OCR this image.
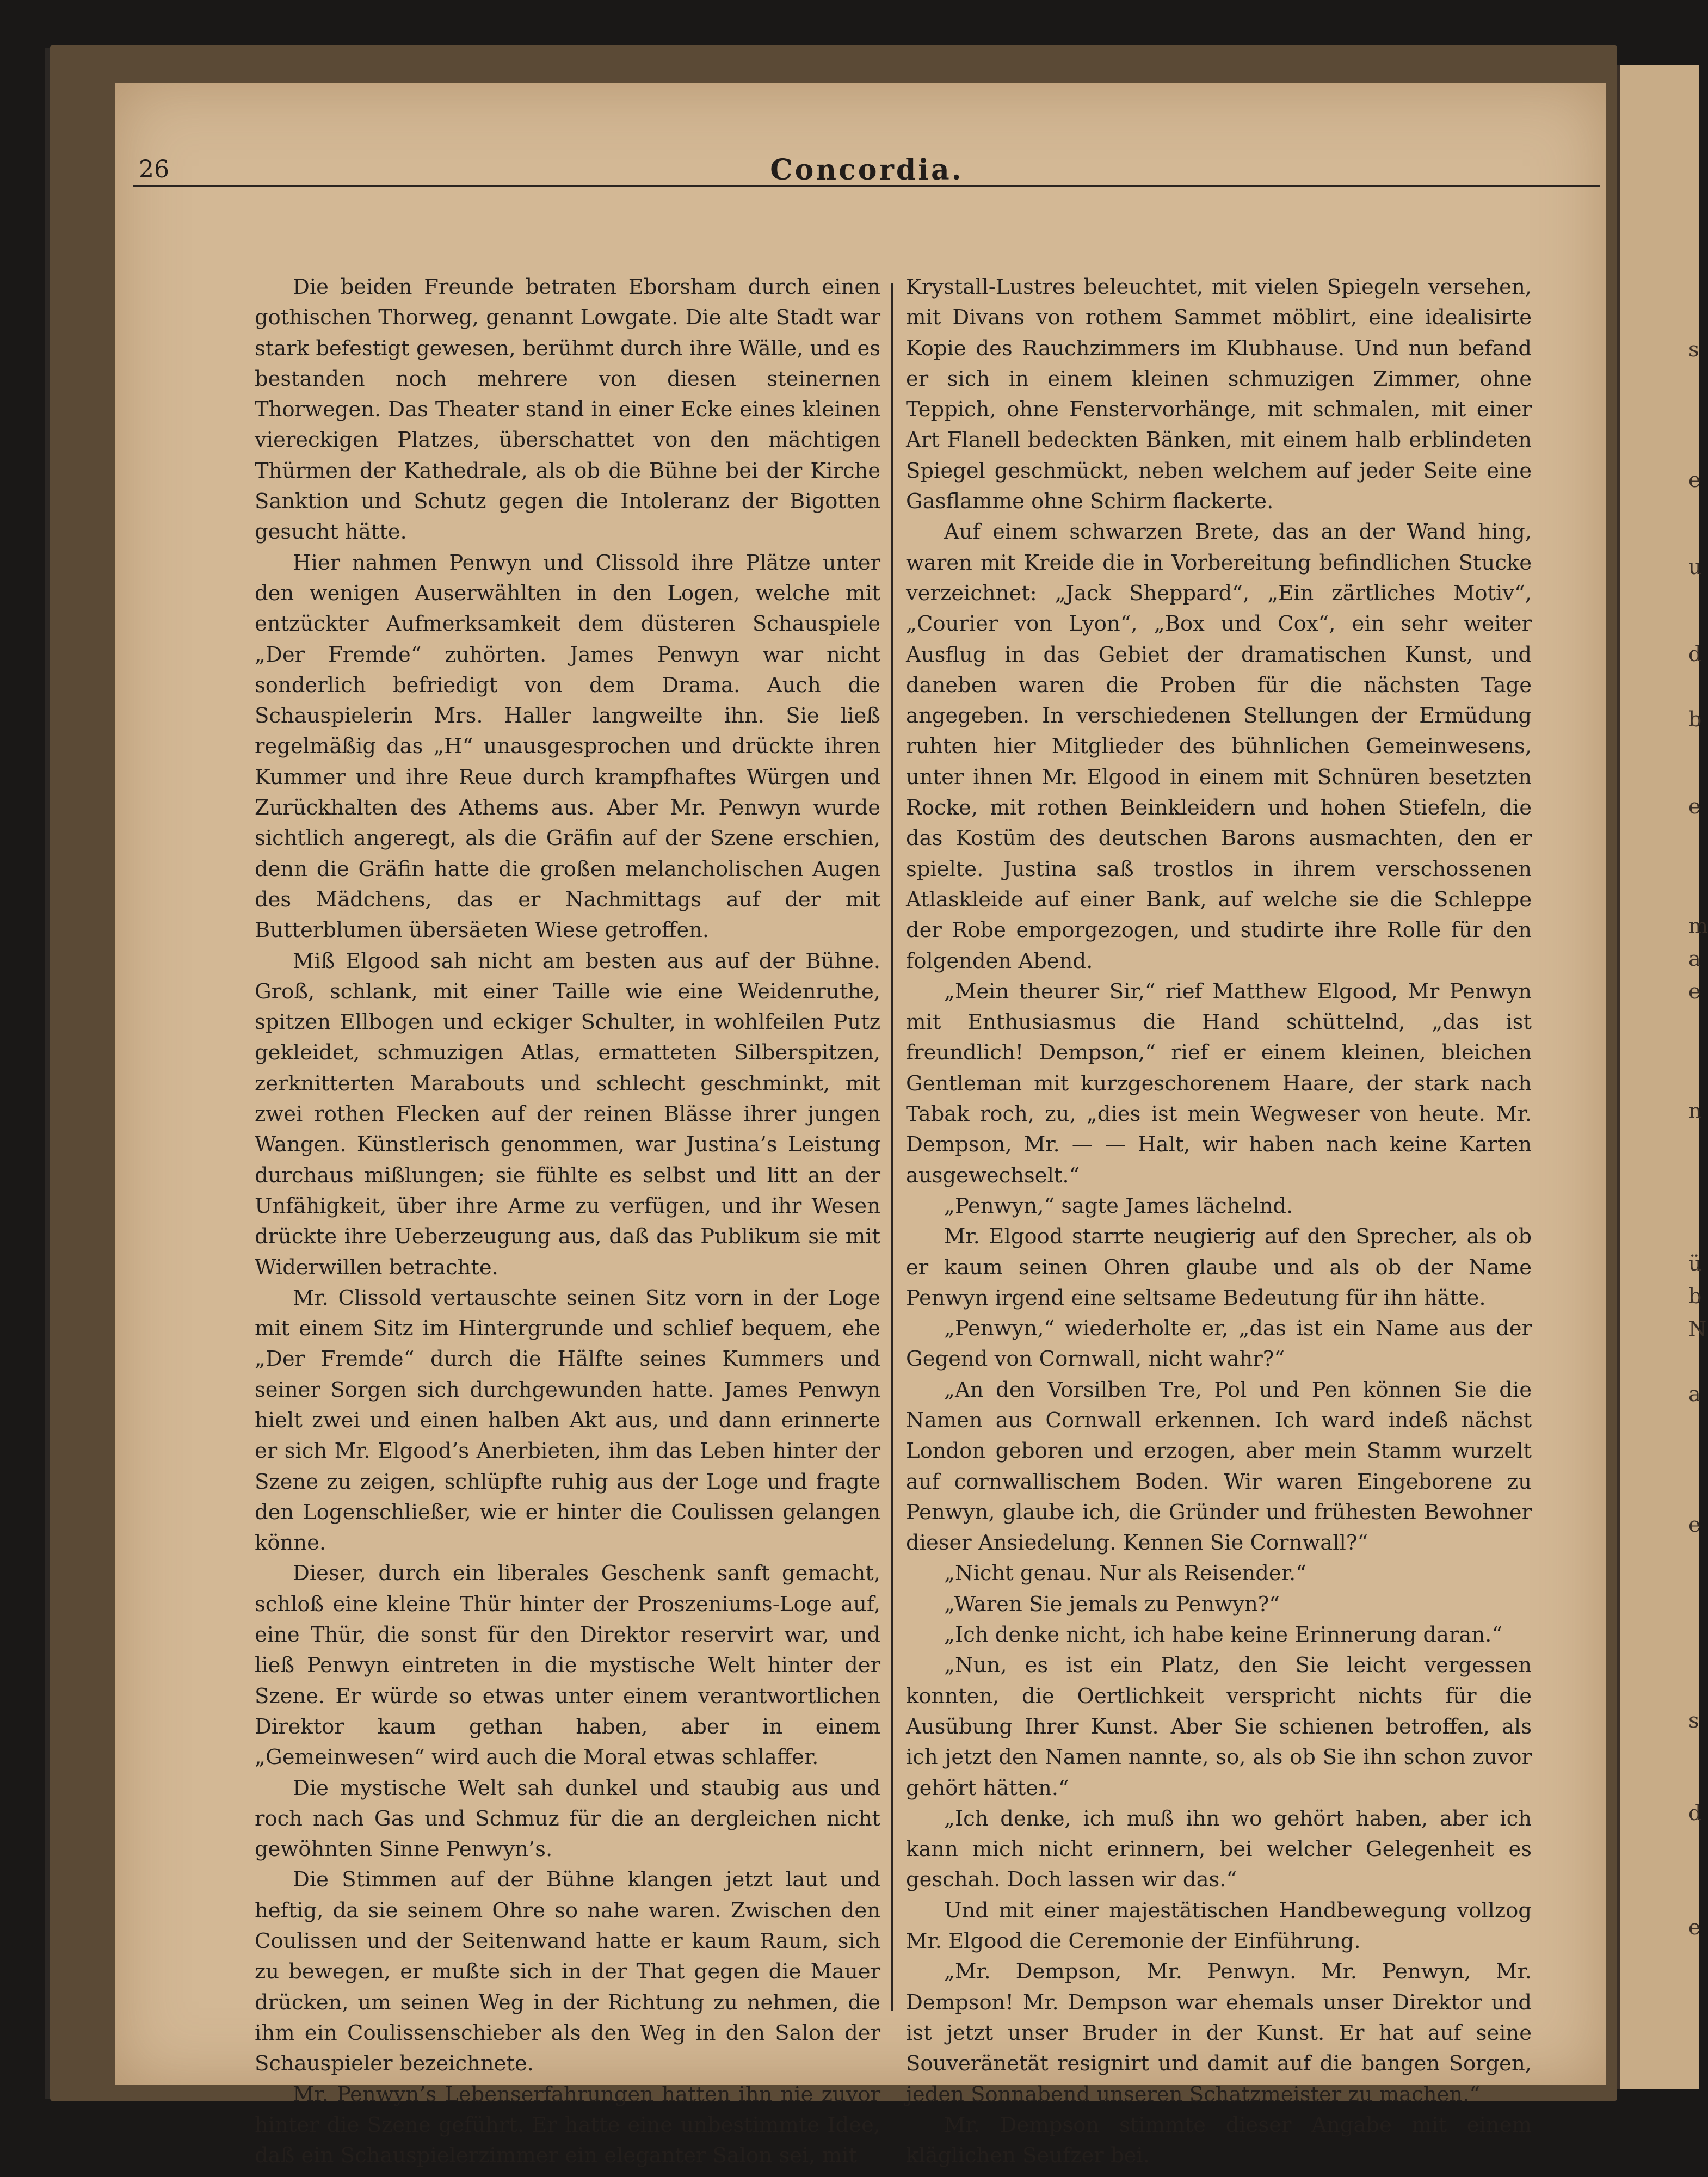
s
e
u
d
b
e
m
a
e
n
ü
b
N
a
e
s
d
e
26	Concordia.

Die beiden Freunde betraten Eborsham durch einen gothischen Thorweg, genannt Lowgate. Die alte Stadt war stark befestigt gewesen, berühmt durch ihre Wälle, und es bestanden noch mehrere von diesen steinernen Thorwegen. Das Theater stand in einer Ecke eines kleinen viereckigen Platzes, überschattet von den mächtigen Thürmen der Kathedrale, als ob die Bühne bei der Kirche Sanktion und Schutz gegen die Intoleranz der Bigotten gesucht hätte.

Hier nahmen Penwyn und Clissold ihre Plätze unter den wenigen Auserwählten in den Logen, welche mit entzückter Aufmerksamkeit dem düsteren Schauspiele „Der Fremde“ zuhörten. James Penwyn war nicht sonderlich befriedigt von dem Drama. Auch die Schauspielerin Mrs. Haller langweilte ihn. Sie ließ regelmäßig das „H“ unausgesprochen und drückte ihren Kummer und ihre Reue durch krampfhaftes Würgen und Zurückhalten des Athems aus. Aber Mr. Penwyn wurde sichtlich angeregt, als die Gräfin auf der Szene erschien, denn die Gräfin hatte die großen melancholischen Augen des Mädchens, das er Nachmittags auf der mit Butterblumen übersäeten Wiese getroffen.

Miß Elgood sah nicht am besten aus auf der Bühne. Groß, schlank, mit einer Taille wie eine Weidenruthe, spitzen Ellbogen und eckiger Schulter, in wohlfeilen Putz gekleidet, schmuzigen Atlas, ermatteten Silberspitzen, zerknitterten Marabouts und schlecht geschminkt, mit zwei rothen Flecken auf der reinen Blässe ihrer jungen Wangen. Künstlerisch genommen, war Justina’s Leistung durchaus mißlungen; sie fühlte es selbst und litt an der Unfähigkeit, über ihre Arme zu verfügen, und ihr Wesen drückte ihre Ueberzeugung aus, daß das Publikum sie mit Widerwillen betrachte.

Mr. Clissold vertauschte seinen Sitz vorn in der Loge mit einem Sitz im Hintergrunde und schlief bequem, ehe „Der Fremde“ durch die Hälfte seines Kummers und seiner Sorgen sich durchgewunden hatte. James Penwyn hielt zwei und einen halben Akt aus, und dann erinnerte er sich Mr. Elgood’s Anerbieten, ihm das Leben hinter der Szene zu zeigen, schlüpfte ruhig aus der Loge und fragte den Logenschließer, wie er hinter die Coulissen gelangen könne.

Dieser, durch ein liberales Geschenk sanft gemacht, schloß eine kleine Thür hinter der Proszeniums-Loge auf, eine Thür, die sonst für den Direktor reservirt war, und ließ Penwyn eintreten in die mystische Welt hinter der Szene. Er würde so etwas unter einem verantwortlichen Direktor kaum gethan haben, aber in einem „Gemeinwesen“ wird auch die Moral etwas schlaffer.

Die mystische Welt sah dunkel und staubig aus und roch nach Gas und Schmuz für die an dergleichen nicht gewöhnten Sinne Penwyn’s.

Die Stimmen auf der Bühne klangen jetzt laut und heftig, da sie seinem Ohre so nahe waren. Zwischen den Coulissen und der Seitenwand hatte er kaum Raum, sich zu bewegen, er mußte sich in der That gegen die Mauer drücken, um seinen Weg in der Richtung zu nehmen, die ihm ein Coulissenschieber als den Weg in den Salon der Schauspieler bezeichnete.

Mr. Penwyn’s Lebenserfahrungen hatten ihn nie zuvor hinter die Szene geführt. Er hatte eine unbestimmte Idee, daß ein Schauspielerzimmer ein eleganter Salon sei, mit

Krystall-Lustres beleuchtet, mit vielen Spiegeln versehen, mit Divans von rothem Sammet möblirt, eine idealisirte Kopie des Rauchzimmers im Klubhause. Und nun befand er sich in einem kleinen schmuzigen Zimmer, ohne Teppich, ohne Fenstervorhänge, mit schmalen, mit einer Art Flanell bedeckten Bänken, mit einem halb erblindeten Spiegel geschmückt, neben welchem auf jeder Seite eine Gasflamme ohne Schirm flackerte.

Auf einem schwarzen Brete, das an der Wand hing, waren mit Kreide die in Vorbereitung befindlichen Stucke verzeichnet: „Jack Sheppard“, „Ein zärtliches Motiv“, „Courier von Lyon“, „Box und Cox“, ein sehr weiter Ausflug in das Gebiet der dramatischen Kunst, und daneben waren die Proben für die nächsten Tage angegeben. In verschiedenen Stellungen der Ermüdung ruhten hier Mitglieder des bühnlichen Gemeinwesens, unter ihnen Mr. Elgood in einem mit Schnüren besetzten Rocke, mit rothen Beinkleidern und hohen Stiefeln, die das Kostüm des deutschen Barons ausmachten, den er spielte. Justina saß trostlos in ihrem verschossenen Atlaskleide auf einer Bank, auf welche sie die Schleppe der Robe emporgezogen, und studirte ihre Rolle für den folgenden Abend.

„Mein theurer Sir,“ rief Matthew Elgood, Mr Penwyn mit Enthusiasmus die Hand schüttelnd, „das ist freundlich! Dempson,“ rief er einem kleinen, bleichen Gentleman mit kurzgeschorenem Haare, der stark nach Tabak roch, zu, „dies ist mein Wegweser von heute. Mr. Dempson, Mr. — — Halt, wir haben nach keine Karten ausgewechselt.“

„Penwyn,“ sagte James lächelnd.

Mr. Elgood starrte neugierig auf den Sprecher, als ob er kaum seinen Ohren glaube und als ob der Name Penwyn irgend eine seltsame Bedeutung für ihn hätte.

„Penwyn,“ wiederholte er, „das ist ein Name aus der Gegend von Cornwall, nicht wahr?“

„An den Vorsilben Tre, Pol und Pen können Sie die Namen aus Cornwall erkennen. Ich ward indeß nächst London geboren und erzogen, aber mein Stamm wurzelt auf cornwallischem Boden. Wir waren Eingeborene zu Penwyn, glaube ich, die Gründer und frühesten Bewohner dieser Ansiedelung. Kennen Sie Cornwall?“

„Nicht genau. Nur als Reisender.“

„Waren Sie jemals zu Penwyn?“

„Ich denke nicht, ich habe keine Erinnerung daran.“

„Nun, es ist ein Platz, den Sie leicht vergessen konnten, die Oertlichkeit verspricht nichts für die Ausübung Ihrer Kunst. Aber Sie schienen betroffen, als ich jetzt den Namen nannte, so, als ob Sie ihn schon zuvor gehört hätten.“

„Ich denke, ich muß ihn wo gehört haben, aber ich kann mich nicht erinnern, bei welcher Gelegenheit es geschah. Doch lassen wir das.“

Und mit einer majestätischen Handbewegung vollzog Mr. Elgood die Ceremonie der Einführung.

„Mr. Dempson, Mr. Penwyn. Mr. Penwyn, Mr. Dempson! Mr. Dempson war ehemals unser Direktor und ist jetzt unser Bruder in der Kunst. Er hat auf seine Souveränetät resignirt und damit auf die bangen Sorgen, jeden Sonnabend unseren Schatzmeister zu machen.“

Mr. Dempson stimmte dieser Angabe mit einem kläglichen Seufzer bei.
